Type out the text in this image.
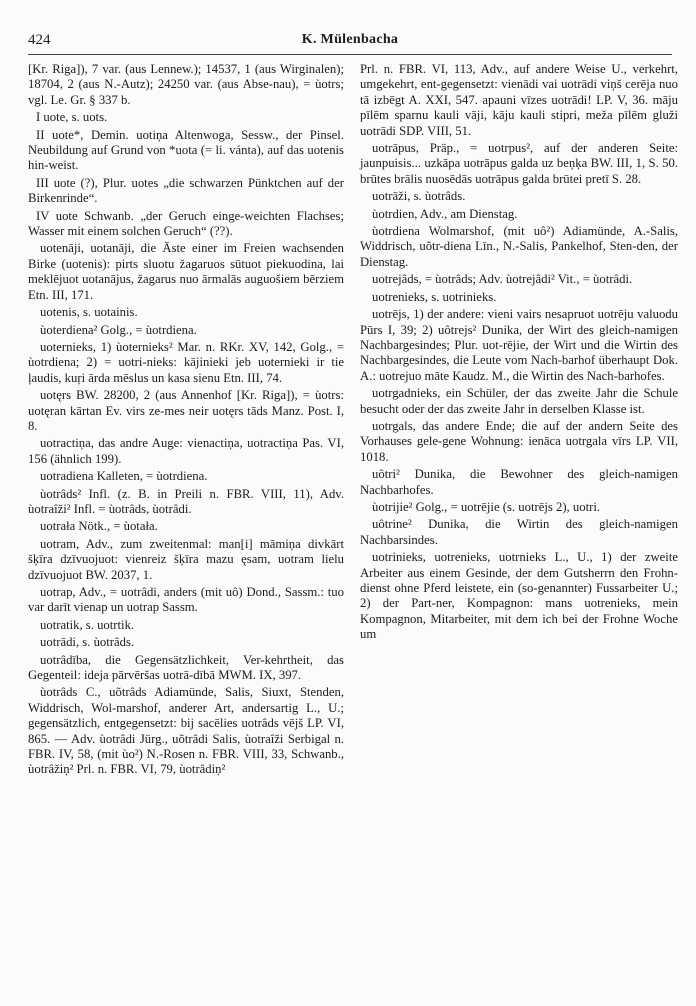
424	K. Mülenbacha

[Kr. Riga]), 7 var. (aus Lennew.); 14537, 1 (aus Wirginalen); 18704, 2 (aus N.-Autz); 24250 var. (aus Abse-nau), = ùotrs; vgl. Le. Gr. § 337 b.

I uote, s. uots.

II uote*, Demin. uotiņa Altenwoga, Sessw., der Pinsel. Neubildung auf Grund von *uota (= li. vánta), auf das uotenis hin-weist.

III uote (?), Plur. uotes „die schwarzen Pünktchen auf der Birkenrinde“.

IV uote Schwanb. „der Geruch einge-weichten Flachses; Wasser mit einem solchen Geruch“ (??).

uotenāji, uotanāji, die Äste einer im Freien wachsenden Birke (uotenis): pirts sluotu žagaruos sūtuot piekuodina, lai meklējuot uotanājus, žagarus nuo ārmalās auguošiem bērziem Etn. III, 171.

uotenis, s. uotainis.

ùoterdiena² Golg., = ùotrdiena.

uoternieks, 1) ùoternieks² Mar. n. RKr. XV, 142, Golg., = ùotrdiena; 2) = uotri-nieks: kājinieki jeb uoternieki ir tie ļaudis, kuŗi ārda mēslus un kasa sienu Etn. III, 74.

uotęrs BW. 28200, 2 (aus Annenhof [Kr. Riga]), = ùotrs: uotęran kārtan Ev. virs ze-mes neir uotęrs tāds Manz. Post. I, 8.

uotractiņa, das andre Auge: vienactiņa, uotractiņa Pas. VI, 156 (ähnlich 199).

uotradiena Kalleten, = ùotrdiena.

ùotrâds² Infl. (z. B. in Preili n. FBR. VIII, 11), Adv. ùotraîži² Infl. = ùotrâds, ùotrâdi.

uotrała Nötk., = ùotała.

uotram, Adv., zum zweitenmal: man[i] māmiņa divkārt šķīra dzīvuojuot: vienreiz šķīra mazu ęsam, uotram lielu dzīvuojuot BW. 2037, 1.

uotrap, Adv., = uotrâdi, anders (mit uô) Dond., Sassm.: tuo var darīt vienap un uotrap Sassm.

uotratik, s. uotrtik.

uotrādi, s. ùotrâds.

uotrâdība, die Gegensätzlichkeit, Ver-kehrtheit, das Gegenteil: ideja pārvēršas uotrā-dībā MWM. IX, 397.

ùotrâds C., uõtrâds Adiamünde, Salis, Siuxt, Stenden, Widdrisch, Wol-marshof, anderer Art, andersartig L., U.; gegensätzlich, entgegensetzt: bij sacēlies uotrâds vējš LP. VI, 865. — Adv. ùotrâdi Jürg., uõtrâdi Salis, ùotraîži Serbigal n. FBR. IV, 58, (mit ùo²) N.-Rosen n. FBR. VIII, 33, Schwanb., ùotrâžiņ² Prl. n. FBR. VI, 79, ùotrâdiņ²

Prl. n. FBR. VI, 113, Adv., auf andere Weise U., verkehrt, umgekehrt, ent-gegensetzt: vienādi vai uotrādi viņš cerēja nuo tā izbēgt A. XXI, 547. apauni vīzes uotrādi! LP. V, 36. māju pīlēm sparnu kauli vāji, kāju kauli stipri, meža pīlēm gluži uotrādi SDP. VIII, 51.

uotrāpus, Präp., = uotrpus², auf der anderen Seite: jaunpuisis... uzkāpa uotrāpus galda uz beņķa BW. III, 1, S. 50. brūtes brālis nuosēdās uotrāpus galda brūtei pretī S. 28.

uotrāži, s. ùotrâds.

ùotrdien, Adv., am Dienstag.

ùotrdiena Wolmarshof, (mit uô²) Adiamünde, A.-Salis, Widdrisch, uõtr-diena Līn., N.-Salis, Pankelhof, Sten-den, der Dienstag.

uotrejâds, = ùotrâds; Adv. ùotrejâdi² Vit., = ùotrâdi.

uotrenieks, s. uotrinieks.

uotrējs, 1) der andere: vieni vairs nesapruot uotrēju valuodu Pūrs I, 39; 2) uôtrejs² Dunika, der Wirt des gleich-namigen Nachbargesindes; Plur. uot-rējie, der Wirt und die Wirtin des Nachbargesindes, die Leute vom Nach-barhof überhaupt Dok. A.: uotrejuo māte Kaudz. M., die Wirtin des Nach-barhofes.

uotrgadnieks, ein Schüler, der das zweite Jahr die Schule besucht oder der das zweite Jahr in derselben Klasse ist.

uotrgals, das andere Ende; die auf der andern Seite des Vorhauses gele-gene Wohnung: ienāca uotrgala vīrs LP. VII, 1018.

uôtri² Dunika, die Bewohner des gleich-namigen Nachbarhofes.

ùotrijie² Golg., = uotrējie (s. uotrējs 2), uotri.

uôtrine² Dunika, die Wirtin des gleich-namigen Nachbarsindes.

uotrinieks, uotrenieks, uotrnieks L., U., 1) der zweite Arbeiter aus einem Gesinde, der dem Gutsherrn den Frohn-dienst ohne Pferd leistete, ein (so-genannter) Fussarbeiter U.; 2) der Part-ner, Kompagnon: mans uotrenieks, mein Kompagnon, Mitarbeiter, mit dem ich bei der Frohne Woche um
